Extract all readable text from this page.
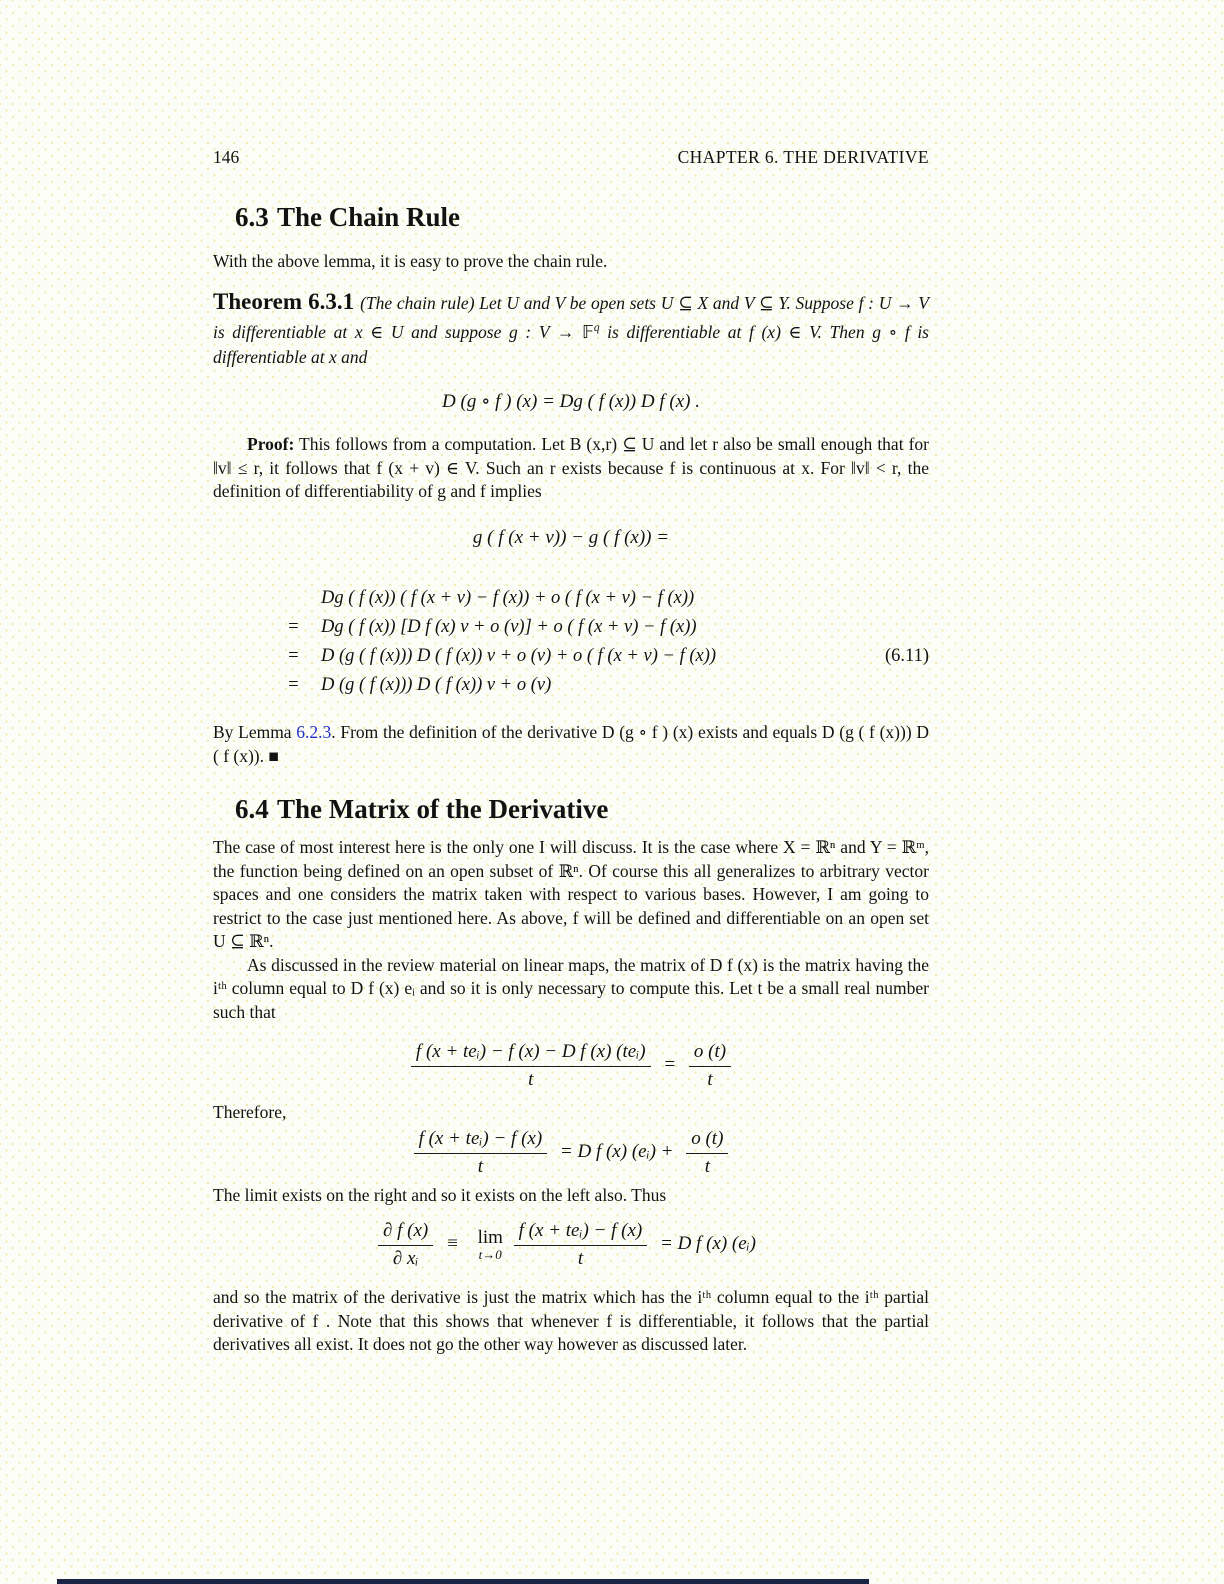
146	CHAPTER 6. THE DERIVATIVE
6.3 The Chain Rule

With the above lemma, it is easy to prove the chain rule.

Theorem 6.3.1 (The chain rule) Let U and V be open sets U ⊆ X and V ⊆ Y. Suppose f : U → V is differentiable at x ∈ U and suppose g : V → 𝔽$^q$ is differentiable at f (x) ∈ V. Then g ∘ f is differentiable at x and

D (g ∘ f ) (x) = Dg ( f (x)) D f (x) .

Proof: This follows from a computation. Let B (x,r) ⊆ U and let r also be small enough that for ‖v‖ ≤ r, it follows that f (x + v) ∈ V. Such an r exists because f is continuous at x. For ‖v‖ < r, the definition of differentiability of g and f implies

g ( f (x + v)) − g ( f (x)) =
Dg ( f (x)) ( f (x + v) − f (x)) + o ( f (x + v) − f (x))
=	Dg ( f (x)) [D f (x) v + o (v)] + o ( f (x + v) − f (x))
=	D (g ( f (x))) D ( f (x)) v + o (v) + o ( f (x + v) − f (x))	(6.11)
=	D (g ( f (x))) D ( f (x)) v + o (v)

By Lemma 6.2.3. From the definition of the derivative D (g ∘ f ) (x) exists and equals D (g ( f (x))) D ( f (x)). ■

6.4 The Matrix of the Derivative

The case of most interest here is the only one I will discuss. It is the case where X = ℝⁿ and Y = ℝᵐ, the function being defined on an open subset of ℝⁿ. Of course this all generalizes to arbitrary vector spaces and one considers the matrix taken with respect to various bases. However, I am going to restrict to the case just mentioned here. As above, f will be defined and differentiable on an open set U ⊆ ℝⁿ.

As discussed in the review material on linear maps, the matrix of D f (x) is the matrix having the iᵗʰ column equal to D f (x) eᵢ and so it is only necessary to compute this. Let t be a small real number such that

$\frac{\text{f (x + teᵢ) − f (x) − D f (x) (teᵢ)}}{t} = \frac{o (t)}{t}$

Therefore,

$\frac{\text{f (x + teᵢ) − f (x)}}{t} = D$ f (x) (eᵢ) + $\frac{o (t)}{t}$

The limit exists on the right and so it exists on the left also. Thus

$\frac{\partial f (x)}{\text{∂ xᵢ}} \equiv \lim$
t→0
$\frac{\text{f (x + teᵢ) − f (x)}}{t} = D$ f (x) (eᵢ)

and so the matrix of the derivative is just the matrix which has the iᵗʰ column equal to the iᵗʰ partial derivative of f . Note that this shows that whenever f is differentiable, it follows that the partial derivatives all exist. It does not go the other way however as discussed later.
